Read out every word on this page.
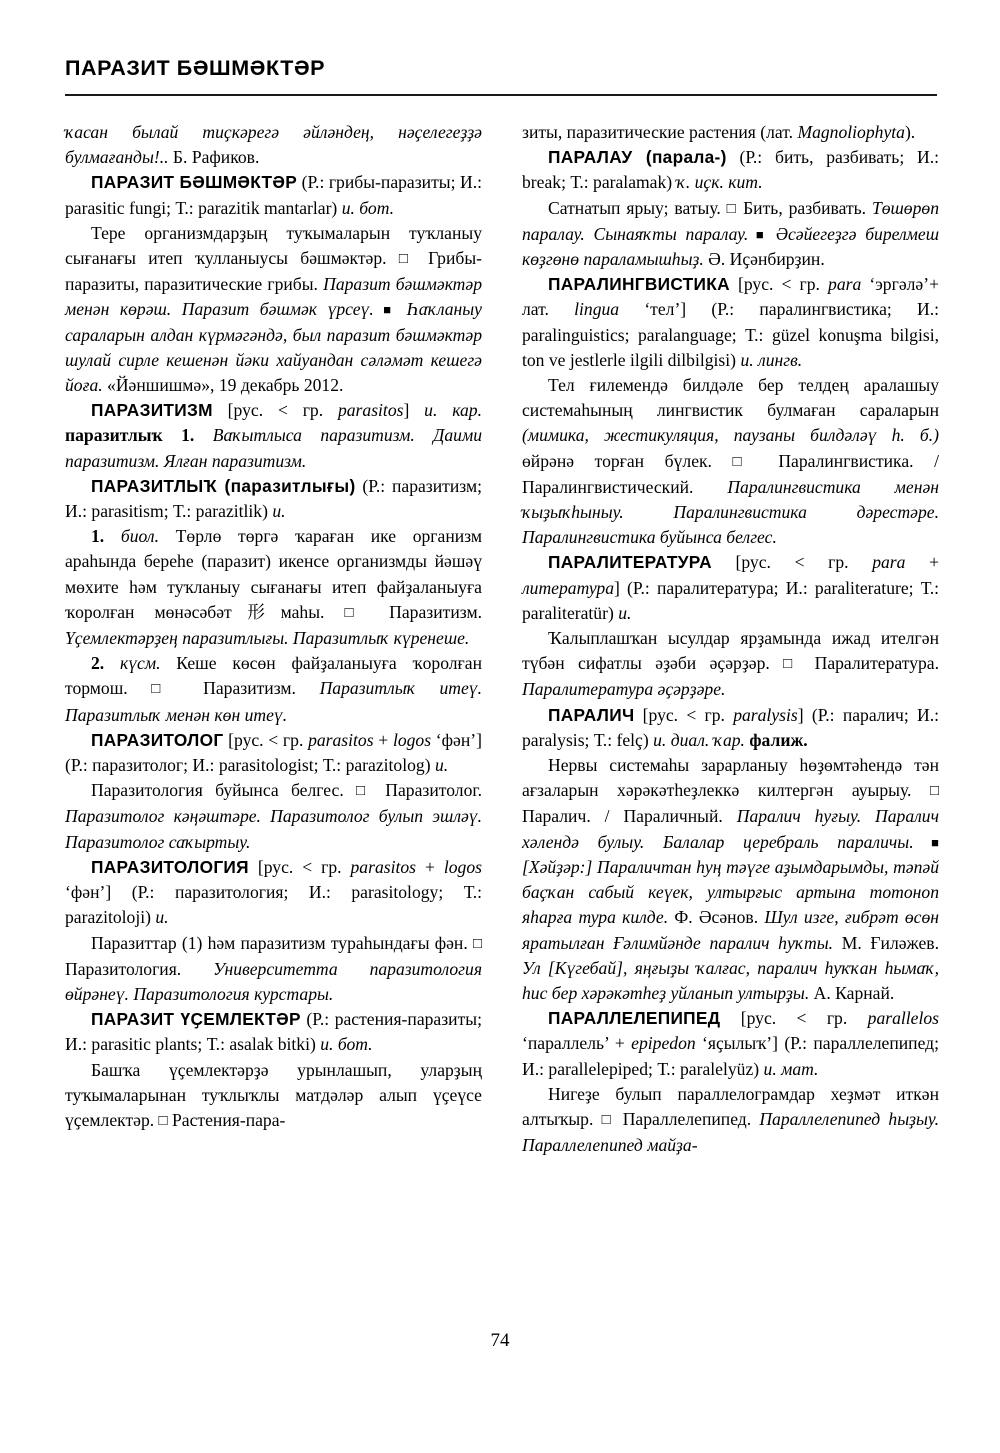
ПАРАЗИТ БӘШМӘКТӘР

ҡасан былай тиҫкәрегә әйләндең, нәҫелегеҙҙә булмағанды!.. Б. Рафиков.

ПАРАЗИТ БӘШМӘКТӘР (Р.: грибы-паразиты; И.: parasitic fungi; Т.: parazitik mantarlar) и. бот.

Тере организмдарҙың туҡымаларын туҡланыу сығанағы итеп ҡулланыусы бәшмәктәр. □ Грибы-паразиты, паразитические грибы. Паразит бәшмәктәр менән көрәш. Паразит бәшмәк үрсеү. ■ Һаҡланыу сараларын алдан күрмәгәндә, был паразит бәшмәктәр шулай сирле кешенән йәки хайуандан сәләмәт кешегә йоға. «Йәншишмә», 19 декабрь 2012.

ПАРАЗИТИЗМ [рус. < гр. parasitos] и. кар. паразитлыҡ 1. Ваҡытлыса паразитизм. Даими паразитизм. Ялған паразитизм.

ПАРАЗИТЛЫҠ (паразитлығы) (Р.: паразитизм; И.: parasitism; Т.: parazitlik) и.

1. биол. Төрлө төргә ҡараған ике организм араһында береһе (паразит) икенсе организмды йәшәү мөхите һәм туҡланыу сығанағы итеп файҙаланыуға ҡоролған мөнәсәбәт形маһы. □ Паразитизм. Үҫемлектәрҙең паразитлығы. Паразитлыҡ күренеше.

2. күсм. Кеше көсөн файҙаланыуға ҡоролған тормош. □ Паразитизм. Паразитлыҡ итеү. Паразитлыҡ менән көн итеү.

ПАРАЗИТОЛОГ [рус. < гр. parasitos + logos ‘фән’] (Р.: паразитолог; И.: parasitologist; Т.: parazitolog) и.

Паразитология буйынса белгес. □ Паразитолог. Паразитолог кәңәштәре. Паразитолог булып эшләү. Паразитолог саҡыртыу.

ПАРАЗИТОЛОГИЯ [рус. < гр. parasitos + logos ‘фән’] (Р.: паразитология; И.: parasitology; Т.: parazitoloji) и.

Паразиттар (1) һәм паразитизм тураһындағы фән. □ Паразитология. Университетта паразитология өйрәнеү. Паразитология курстары.

ПАРАЗИТ ҮҪЕМЛЕКТӘР (Р.: растения-паразиты; И.: parasitic plants; Т.: asalak bitki) и. бот.

Башҡа үҫемлектәрҙә урынлашып, уларҙың туҡымаларынан туҡлыҡлы матдәләр алып үҫеүсе үҫемлектәр. □ Растения-пара-

зиты, паразитические растения (лат. Magnoliophyta).

ПАРАЛАУ (парала-) (Р.: бить, разбивать; И.: break; Т.: paralamak) ҡ. иҫк. кит.

Сатнатып ярыу; ватыу. □ Бить, разбивать. Төшөрөп паралау. Сынаяҡты паралау. ■ Әсәйегеҙгә бирелмеш көҙгөнө параламышһыҙ. Ә. Иҫәнбирҙин.

ПАРАЛИНГВИСТИКА [рус. < гр. para ‘эргәлә’+ лат. lingua ‘тел’] (Р.: паралингвистика; И.: paralinguistics; paralanguage; Т.: güzel konuşma bilgisi, ton ve jestlerle ilgili dilbilgisi) и. лингв.

Тел ғилемендә билдәле бер телдең аралашыу системаһының лингвистик булмаған сараларын (мимика, жестикуляция, паузаны билдәләү һ. б.) өйрәнә торған бүлек. □ Паралингвистика. / Паралингвистический. Паралингвистика менән ҡыҙыҡһыныу. Паралингвистика дәрестәре. Паралингвистика буйынса белгес.

ПАРАЛИТЕРАТУРА [рус. < гр. para + литература] (Р.: паралитература; И.: paraliterature; Т.: paraliteratür) и.

Ҡалыплашҡан ысулдар ярҙамында ижад ителгән түбән сифатлы әҙәби әҫәрҙәр. □ Паралитература. Паралитература әҫәрҙәре.

ПАРАЛИЧ [рус. < гр. paralysis] (Р.: паралич; И.: paralysis; Т.: felç) и. диал. ҡар. фалиж.

Нервы системаһы зарарланыу һөҙөмтәһендә тән ағзаларын хәрәкәтһеҙлеккә килтергән ауырыу. □ Паралич. / Параличный. Паралич һуғыу. Паралич хәлендә булыу. Балалар церебраль параличы. ■ [Хәйҙәр:] Параличтан һуң тәүге аҙымдарымды, тәпәй баҫҡан сабый кеүек, ултырғыс артына тотоноп яһарға тура килде. Ф. Әсәнов. Шул изге, ғибрәт өсөн яратылған Ғәлимйәнде паралич һуҡты. М. Ғиләжев. Ул [Күгебай], яңғыҙы ҡалғас, паралич һуҡҡан һымаҡ, һис бер хәрәкәтһеҙ уйланып ултырҙы. А. Карнай.

ПАРАЛЛЕЛЕПИПЕД [рус. < гр. parallelos ‘параллель’ + epipedon ‘яҫылыҡ’] (Р.: параллелепипед; И.: parallelepiped; Т.: paralelyüz) и. мат.

Нигеҙе булып параллелограмдар хеҙмәт иткән алтыҡыр. □ Параллелепипед. Параллелепипед һыҙыу. Параллелепипед майҙа-

74
